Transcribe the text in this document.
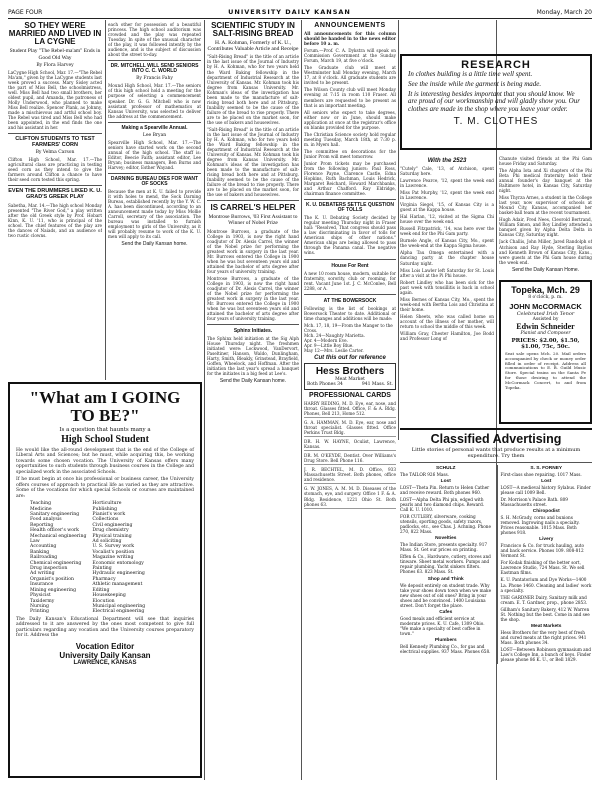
PAGE FOUR	UNIVERSITY DAILY KANSAN	Monday, March 20
SO THEY WERE MARRIED AND LIVED IN LA CYGNE
Student Play "The Rebel-ma'am" Ends in Good Old Way
By Flora Harvey
LaCygne High School, Mar. 17.—"The Rebel Ma'am," given by the LaCygne students last week proved a success. Mary Sisley acted the part of Miss Bell, the schoolmistress, well. Miss Bell had two small brothers, her oldest pupil, and Amanda, the patroness of Molly Underwood, who planned to make Miss Bell realize. Spencer Plank, as Johnny, made a mischievous and artful school boy. The Rebel was tired and Miss Bell who had been appointed, in the end finds the one and his assistant in her.
CLIFTON STUDENTS TO TEST FARMERS' CORN
By Velma Carson
Clifton High School, Mar. 17.—The agricultural class are practicing in testing seed corn as they intend to give the farmers around Clifton a chance to have their seed corn tested this spring.
EVEN THE DRUMMERS LIKED K. U. GRAD'S GREEK PLAY
Sabetha, Mar. 14.—The high school Monday presented "The River God," a play written after the old Greek style by Prof. Hobart Kinn, K. U. '11, who is principal of the school. The chief features of the play are the dances of Naiads, and an audience of two rustic clowns.
each other for possession of a beautiful princess. The high school auditorium was crowded and the play was repeated Tuesday. In spite of the unusual character of the play, it was followed intently by the audience, and is the subject of discussion about the street to-day.
DR. MITCHELL WILL SEND SENIORS INTO C. C. WORLD
By Francis Fahy
Mound High School, Mar. 17.—The seniors of this high school hold a meeting for the purpose of selecting a commencement speaker. Dr. G. G. Mitchell who is now assistant professor of mathematics at Kansas University, was selected to deliver the address at the commencement.
Making a Spearville Annual.
Lee Bryan
Spearville High School, Mar. 17.—The seniors have started work on the second annual of the high school. The staff is: Editor, Beecie Faith; assistant editor, Lee Bryan; business managers, Ben Burns and Harvey; editor, Esther Wayand.
DARNING BUREAU DIES FOR WANT OF SOCKS
Because the men at K. U. failed to provide it with holes to mend, the Sock Darning Bureau, established recently by the Y. W. C. A. has been discontinued, according to an announcement made today by Miss Mollie Carroll, secretary of the association. The bureau was installed to furnish employment to girls of the University, as it will probably resume to work of the K. U. men will apply to its call.
Send the Daily Kansan home.
"What am I GOING TO BE?"
Is a question that haunts many a
High School Student
He would like the all-round development that is the end of the College of Liberal Arts and Sciences; but he must, while acquiring this, be working towards some chosen vocation. The University of Kansas offers many opportunities to such students through business courses in the College and specialized work in the associated Schools.
If he must begin at once his professional or business career, the University offers courses of approach to practical life as varied as they are attractive. Some of the vocations for which special Schools or courses are maintained are:
Teaching
Medicine
Sanitary engineering
Food analysis
Reporting
Health officer's work
Mechanical engineering
Law
Accounting
Banking
Railroading
Chemical engineering
Drug inspection
Ad writing
Organist's position
Insurance
Mining engineering
Physicist
Taxidermy
Nursing
Printing
Horticulture
Publishing
Pianist's work
Collections
Civil engineering
Drug chemistry
Physical training
Ad soliciting
U. S. Survey work
Vocalist's position
Magazine writing
Economic entomology
Painting
Hydraulic engineering
Pharmacy
Athletic management
Editing
Housekeeping
Elocution
Municipal engineering
Electrical engineering
The Daily Kansan's Educational Department will see that inquiries addressed to it are answered by the ones most competent to give full particulars regarding any vocation and the University courses preparatory for it. Address the
Vocation Editor
University Daily Kansan
LAWRENCE, KANSAS
SCIENTIFIC STUDY IN SALT-RISING BREAD
H. A. Kohman, Formerly of K. U., Contributes Valuable Article and Receipe
"Salt-Rising Bread" is the title of an article in the last issue of the Journal of Industry by H. A. Kohman, who for two years held the Ward Baking fellowship in the department of Industrial Research at the University of Kansas. Mr. Kohman took his degree from Kansas University. Mr. Kohman's ideas of the investigation has been made to the manufacture of salt-rising bread both here and at Pittsburg. Inability seemed to be the cause of the failure of the bread to rise properly. There are to be placed on the market soon, for the use of bakers and housewives.
"Salt-Rising Bread" is the title of an article in the last issue of the Journal of Industry by H. A. Kohman, who for two years held the Ward Baking fellowship in the department of Industrial Research at the University of Kansas. Mr. Kohman took his degree from Kansas University. Mr. Kohman's ideas of the investigation has been made to the manufacture of salt-rising bread both here and at Pittsburg. Inability seemed to be the cause of the failure of the bread to rise properly. There are to be placed on the market soon, for the use of bakers and housewives.
IS CARREL'S HELPER
Montrose Burrows, '03 First Assistant to Winner of Nobel Prize
Montrose Burrows, a graduate of the College in 1903, is now the right hand coadjutor of Dr. Alexis Carrel, the winner of the Nobel prize for performing the greatest work in surgery in the last year. Mr. Burrows entered the College in 1900 when he was but seventeen years old and attained the bachelor of arts degree after four years of university training.
Montrose Burrows, a graduate of the College in 1903, is now the right hand coadjutor of Dr. Alexis Carrel, the winner of the Nobel prize for performing the greatest work in surgery in the last year. Mr. Burrows entered the College in 1900 when he was but seventeen years old and attained the bachelor of arts degree after four years of university training.
Sphinx Initiates.
The Sphinx held initiation at the Sig Alph House Thursday night. The freshmen initiated were: Lockwood, VanDervort, Paseltiner, Hanson, Waldo, Dunlingham, Harty, Smith, Bleakly, Grinstead, Brayfield, Goffen, Wheelock, and Hoffman. After the initiation the last year's spread a banquet for the initiates in a big feed at Lee's.
Send the Daily Kansan home.
ANNOUNCEMENTS
All announcements for this column should be handed in to the news editor before 10 a. m.
Forum.—Prof. C. A. Dykstra will speak on Commission Government at the Sunday Forum, March 19, at five o'clock.
The Graduate club will meet at Westminster hall Monday evening, March 17, at 8 o'clock. All graduate students are invited to be present.
The Wilson County club will meet Monday evening at 7:15 in room 110 Fraser. All members are requested to be present as that is an important meeting.
All seniors who expect to take degrees, either now or in June, should make application at once at the registrar's office on blanks provided for the purpose.
The Christian Science society hold regular meeting Tuesday, March 18th, at 7:30 p. m. in Myers hall.
The committee on decorations for the Junior Prom will meet tomorrow.
Junior Prom tickets may be purchased from the following juniors: Paul Ross, Florence Payne, Clarence Castle, Edna Hopkins, Ruth Bachman, Louis Hedrick, Margaret Reichard, Howard Marchbanks, and Arthur Chafford. Ray Eldridge, chairman finance committee.
K. U. DEBATERS SETTLE QUESTION OF TOLLS
The K. U. Debating Society decided by regular meeting Thursday night in Fraser hall: "Resolved, That congress should pass a law discriminating in favor of tolls for American ships of other nations." American ships are being allowed to pass through the Panama canal. The negative wins.
House For Rent
A new 10 room house, modern, suitable for fraternity, sorority, club or rooming, for rent. Vacant June 1st. J. C. McConlee, Bell 2288, or A.
AT THE BOWERSOCK
Following is the list of bookings at Bowersock Theater to date. Additional or time changes and additions will be made:
Mch. 17, 18, 19—From the Manger to the Cross.
Mch. 24—Naughty Marietta.
Apr. 4—Modern Eve.
Apr. 9—Little Boy Blue.
May 12—Mrs. Leslie Carter.
Cut this out for reference
Hess Brothers
Meat Market
Both Phones 34	941 Mass. St.
PROFESSIONAL CARDS
HARRY REDING, M. D. Eye, ear, nose, and throat. Glasses fitted. Office, F. & A. Bldg. Phones, Bell 213, Home 512.
G. A. HAMMAN, M. D. Eye, ear, nose and throat specialist. Glasses fitted. Office Perkins Trust Bldg.
DR. H. W. HAYNE, Oculist, Lawrence, Kansas.
DR. M. O'KEYDE, Dentist. Over Williams's Drug Store. Bell Phone 116.
J. R. BECHTEL, M. D. Office, 933 Massachusetts Street. Both phones, office and residence.
G. W. JONES, A. M. M. D. Diseases of the stomach, eye, and surgery. Office 1 F. & A. Bldg. Residence, 1221 Ohio St. Both phones 63.
RESEARCH
In clothes building is a little time well spent.
See the inside while the garment is being made.
It is interesting besides important that you should know. We are proud of our workmanship and will gladly show you. Our clothes are made in the shop where you leave your order.
T. M. CLOTHES
With the 2523
"Cutely" Cale, '13, of Atchison, spent Saturday here.
Lawrence Pearce, '12, spent the week end in Lawrence.
Miss Pat Murphy, '12, spent the week end in Lawrence.
Virginia Siegel, '15, of Kansas City is a guest at the Kappa house.
Hal Harlan, '12, visited at the Sigma Chi house over the week end.
Russell Fitzpatrick, '14, was here over the week end for the Phi Gam party.
Burnele Angle, of Kansas City, Mo., spent the week-end at the Kappa Sigma house.
Alpha Tau Omega entertained with a dancing party at the chapter house Saturday night.
Miss Lois Lawler left Saturday for St. Louis after a visit at the Pi Phi house.
Robert Lindley who has been sick for the past week with tonsillitis is back in school again.
Miss Bernes of Kansas City, Mo., spent the week-end with Bertha Lois and Christina at their home.
Helen Sheets, who was called home on account of the illness of her mother, will return to school the middle of this week.
William Gray, Chester Hamilton, Joe Bodd and Professor Long of
Chanute visited friends at the Phi Gam house Friday and Saturday.
The Alpha Iota and Xi chapters of the Phi Beta Phi medical fraternity held their annual founder's day banquet at the Baltimore hotel, in Kansas City, Saturday night.
Miss Thyrza Arnes, a student in the College last year, now supervisor of schools at Mound City, Kansas, accompanied her basket-ball team at the recent tournament.
Hugh Adair, Fred Nees, Cleorold Bertrand, William Simon, and Roy Lindley attended a banquet given by Alpha Delta Delta in Kansas City, Saturday night.
Jack Challis, John Miller, Jared Randolph of Atchison and Ray Hyde, Sterling Bayliss and Kenneth Brown of Kansas City, Kans., were guests at the Phi Gam house during the week end.
Send the Daily Kansan Home.
Topeka, Mch. 29
8 o'clock, p. m.
JOHN McCORMACK
Celebrated Irish Tenor
Assisted by
Edwin Schneider
Pianist and Composer
PRICES: $2.00, $1.50, $1.00, 75c, 50c.
Seat sale opens Mch. 20. Mail orders accompanied by check or money order filled in order of receipt. Address all communications to E. B. Guild Music Store. Special trains on the Santa Fe for those desiring to attend the McCormack Concert, to and from Topeka.
Classified Advertising
Little stories of personal wants that produce results at a minimum expenditure. Try them
SCHULZ
The TAILOR 926 Mass.
Lost
LOST—Theta Pin. Return to Helen Cather and receive reward. Both phones 960.
LOST—Alpha Delta Phi pin, edged with pearls and two diamond chips. Reward. Call K. U. 1010.
FOR CUTLERY, silverware, cooking utensils, sporting goods, safety razors, padlocks, etc., see Chas. J. Achning. Phone 270, 822 Mass.
Novelties
The Indian Store, presents specialty. 917 Mass. St. Get our prices on printing.
Effen & Co., Hardware, cutlery, stoves and tinware. Sheet metal workers. Pumps and repair plumbing. Yacht sinkers filters. Phones 63. 823 Mass. St.
Shop and Think
We deposit entirely on student trade. Why take your shoes down town when we make new shoes out of old ones? Bring in your shoes and be convinced. 1400 Louisiana street. Don't forget the place.
Cafes
Good meals and efficient service at moderate prices. K. U. Cafe, 1309 Ohio. "We make a specialty of best coffee in town."
Plumbers
Bell Kennedy Plumbing Co., for gas and electrical supplies. 937 Mass. Phones 658.
S. S. FORNEY
First-class shoe repairing. 1017 Mass.
Lost
LOST—A medieval history Sylabus. Finder please call 1009 Bell.
Dr. Morrison's Palace Bath. 809 Massachusetts street.
Chiropodist
S. H. McGrady, corns and bunions removed. Ingrowing nails a specialty. Prices reasonable. 1015 Mass. Both phones 918.
Livery
Francisco & Co. for truck hauling, auto and back service. Phones 109. 808-812 Vermont St.
For Kodak finishing of the better sort, Lawrence Studio, 724 Mass. St. We sell Eastman films.
K. U. Pantatorium and Dye Works—1400 La. Phone 1460. Cleaning and ladies' work a specialty.
THE GARDNER Dairy, Sanitary milk and cream. E. T. Gardner, prop., phone 2853.
Gillham's Sanitary Bakery, 412 W. Warren St. Nothing but the best. Come in and see the shop.
Meat Markets
Hess Brothers for the very best of fresh and cured meats at the right prices. 941 Mass. Both phones 34.
LOST—Between Robinson gymnasium and Law's College Inn, a bunch of keys. Finder please phone 86 K. U., or Bell 1829.
